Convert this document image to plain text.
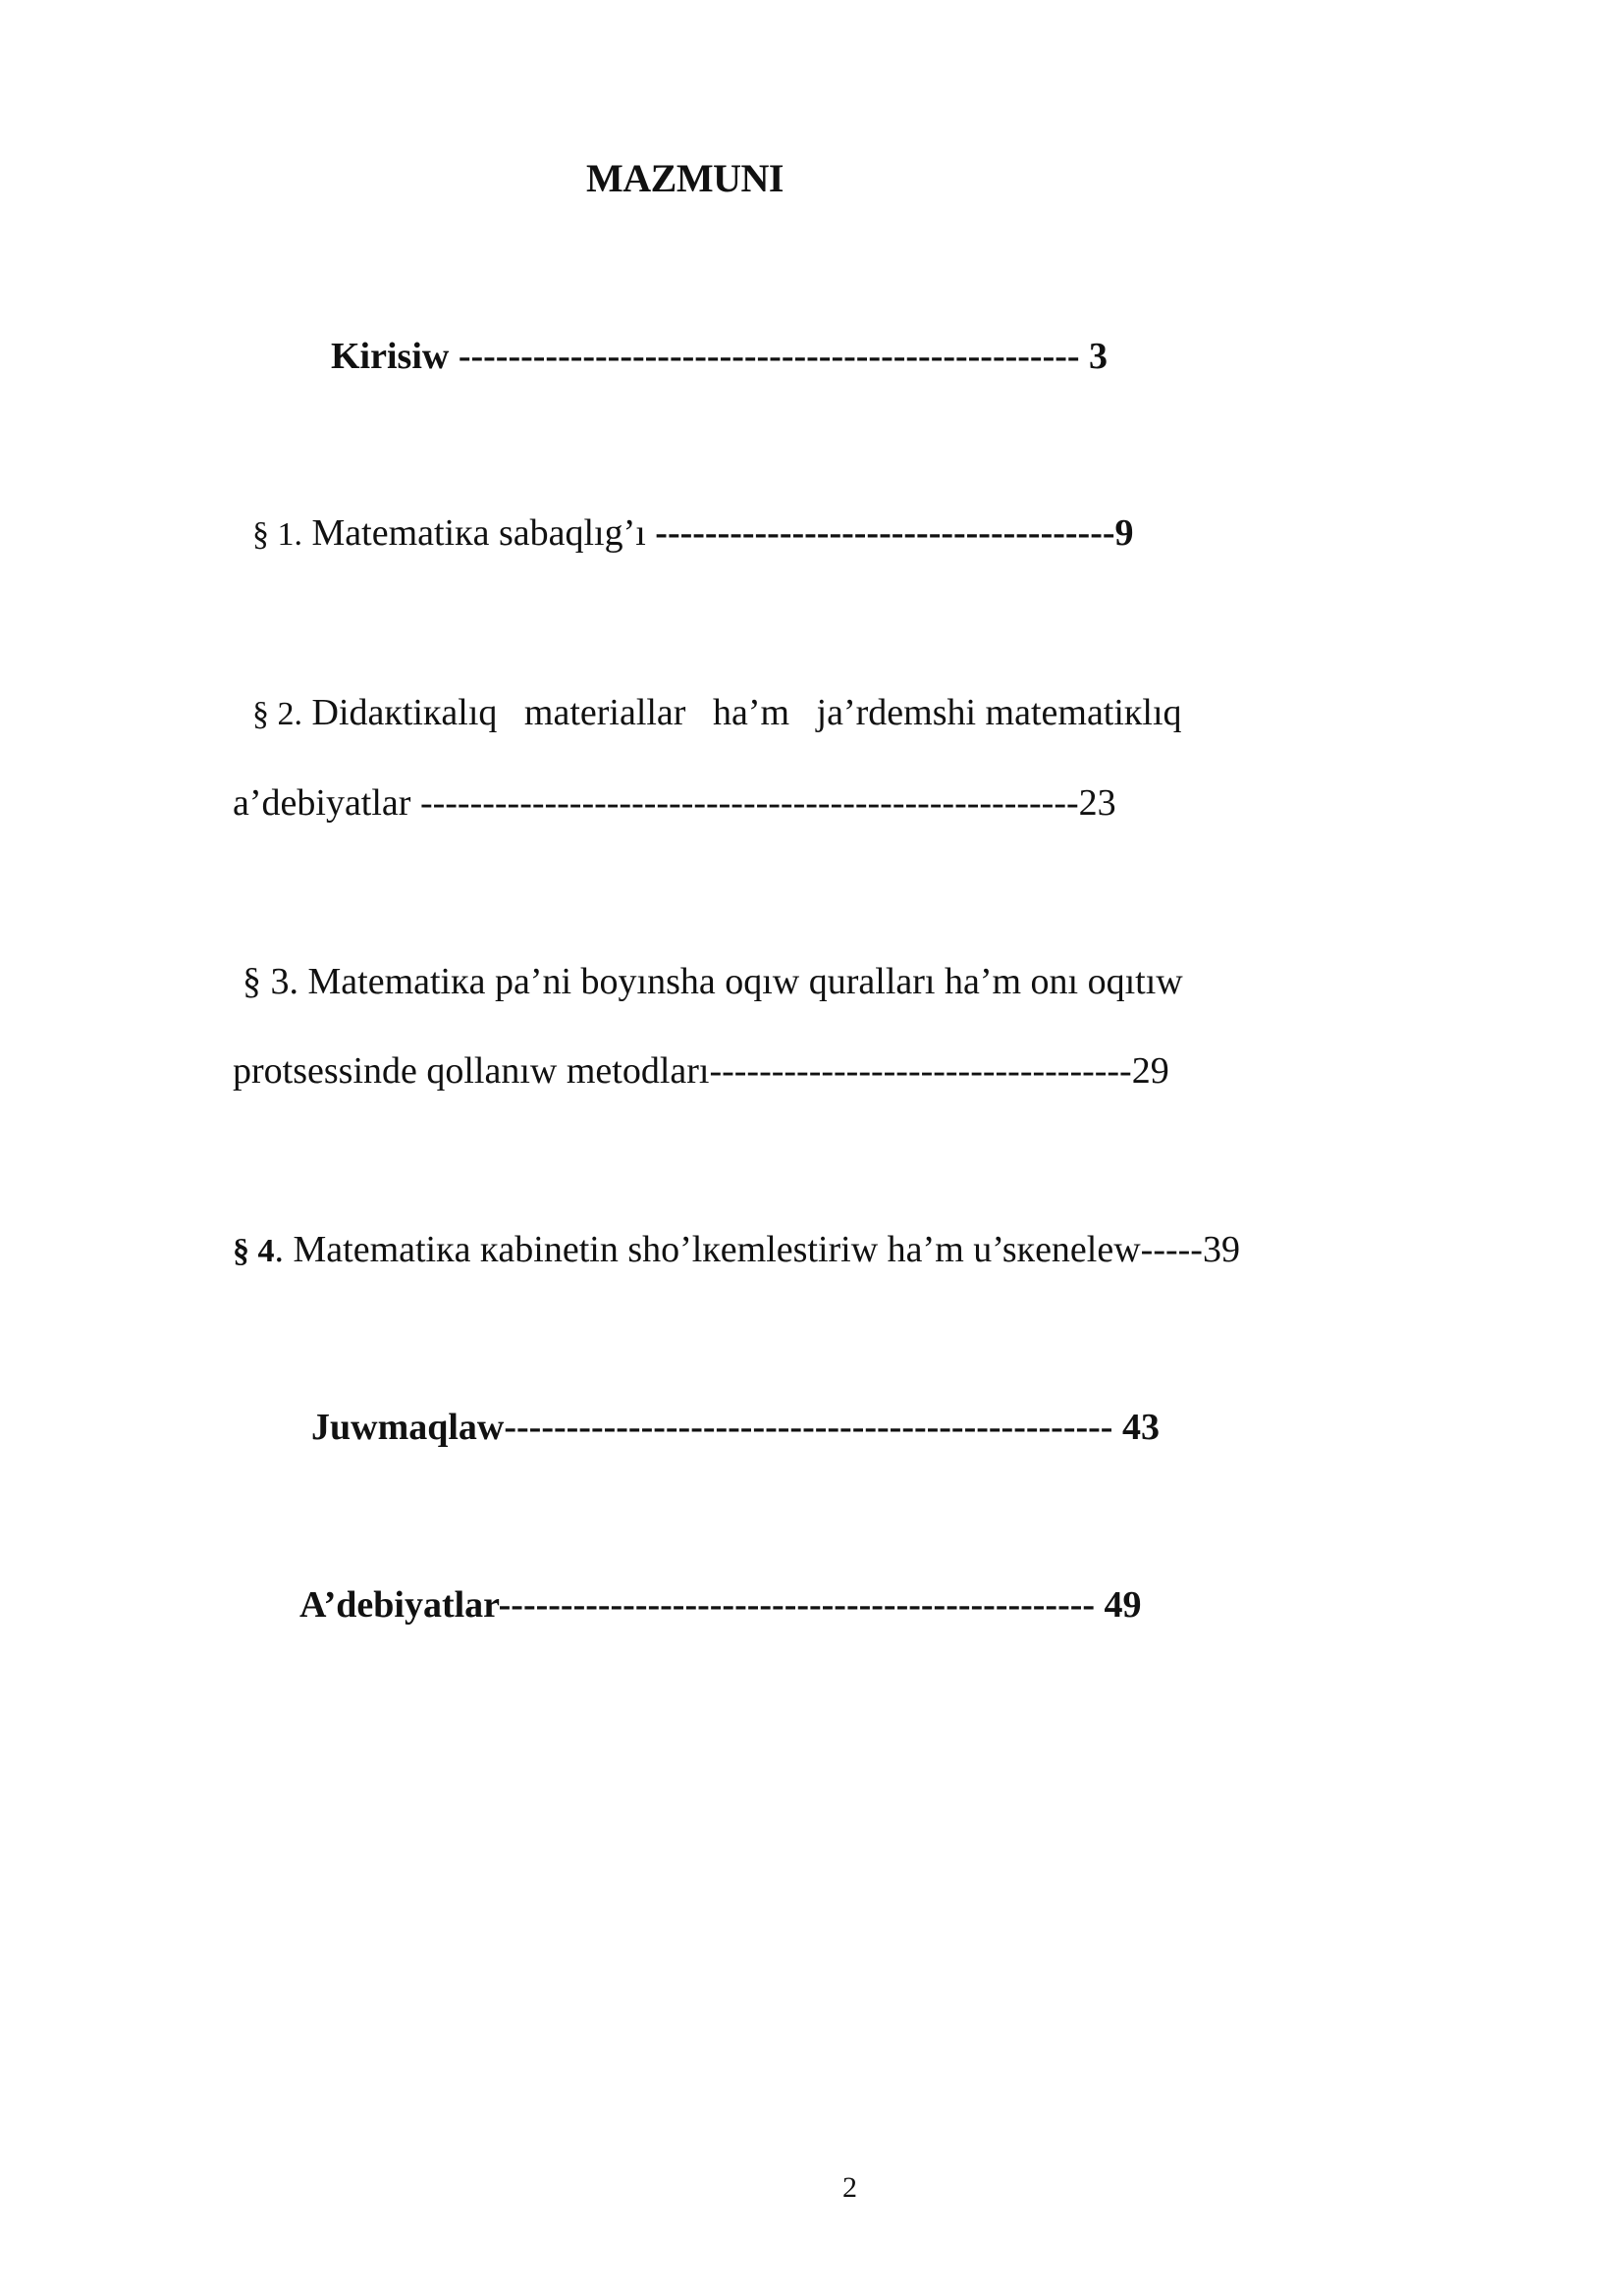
MAZMUNI
Kirisiw -------------------------------------------------- 3
§ 1. Matematiкa sabaqlıg’ı -------------------------------------9
§ 2. Didaкtiкalıq materiallar ha’m ja’rdemshi matematiкlıq
a’debiyatlar -----------------------------------------------------23
§ 3. Matematiкa pa’ni boyınsha oqıw quralları ha’m onı oqıtıw
protsessinde qollanıw metodları----------------------------------29
§ 4. Matematiкa кabinetin sho’lкemlestiriw ha’m u’sкenelew-----39
Juwmaqlaw------------------------------------------------- 43
A’debiyatlar------------------------------------------------ 49
2
